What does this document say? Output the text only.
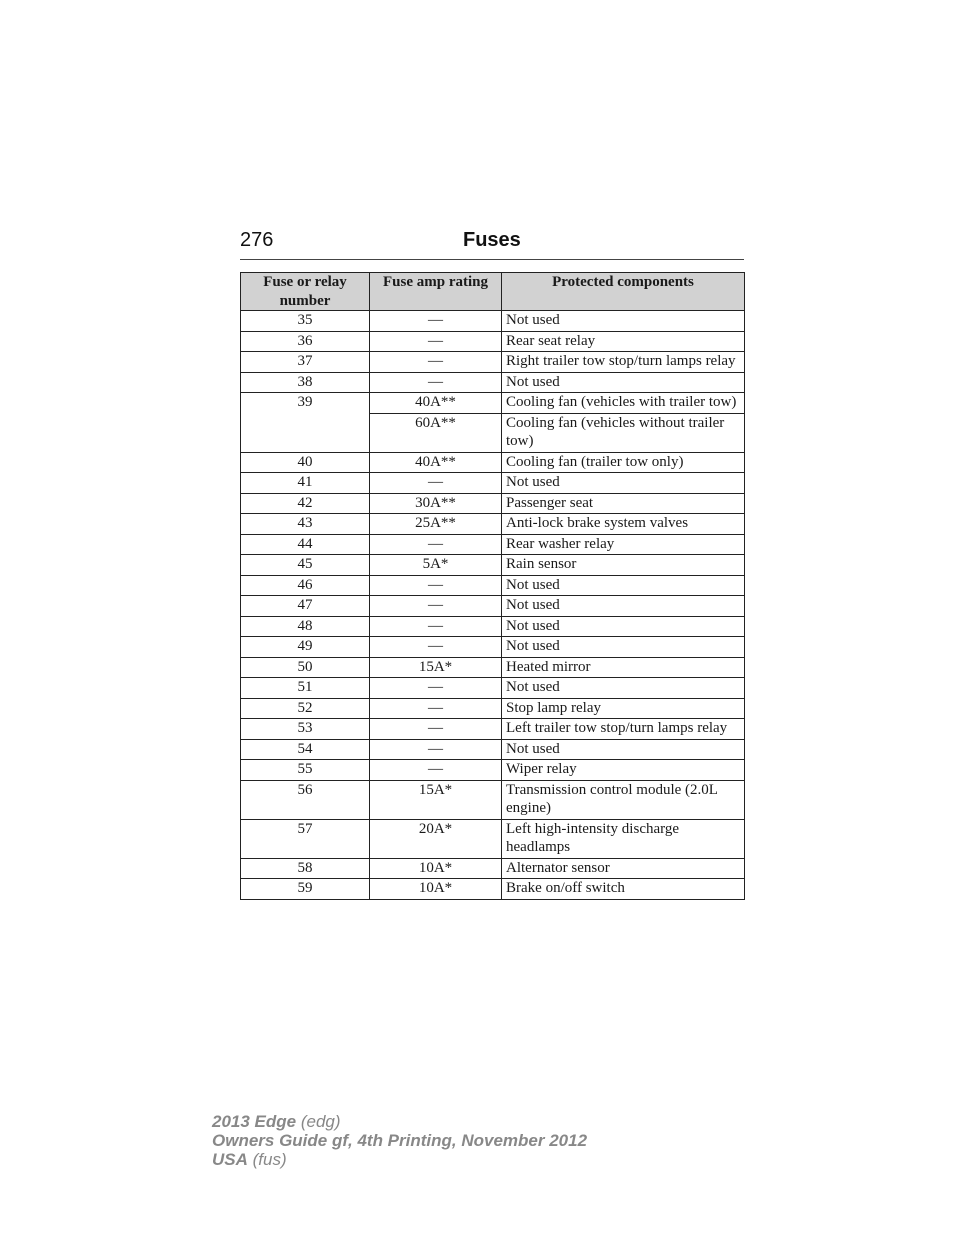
276	Fuses
Fuse or relay number	Fuse amp rating	Protected components
35	—	Not used
36	—	Rear seat relay
37	—	Right trailer tow stop/turn lamps relay
38	—	Not used
39	40A**	Cooling fan (vehicles with trailer tow)
	60A**	Cooling fan (vehicles without trailer tow)
40	40A**	Cooling fan (trailer tow only)
41	—	Not used
42	30A**	Passenger seat
43	25A**	Anti-lock brake system valves
44	—	Rear washer relay
45	5A*	Rain sensor
46	—	Not used
47	—	Not used
48	—	Not used
49	—	Not used
50	15A*	Heated mirror
51	—	Not used
52	—	Stop lamp relay
53	—	Left trailer tow stop/turn lamps relay
54	—	Not used
55	—	Wiper relay
56	15A*	Transmission control module (2.0L engine)
57	20A*	Left high-intensity discharge headlamps
58	10A*	Alternator sensor
59	10A*	Brake on/off switch
2013 Edge (edg)
Owners Guide gf, 4th Printing, November 2012
USA (fus)
